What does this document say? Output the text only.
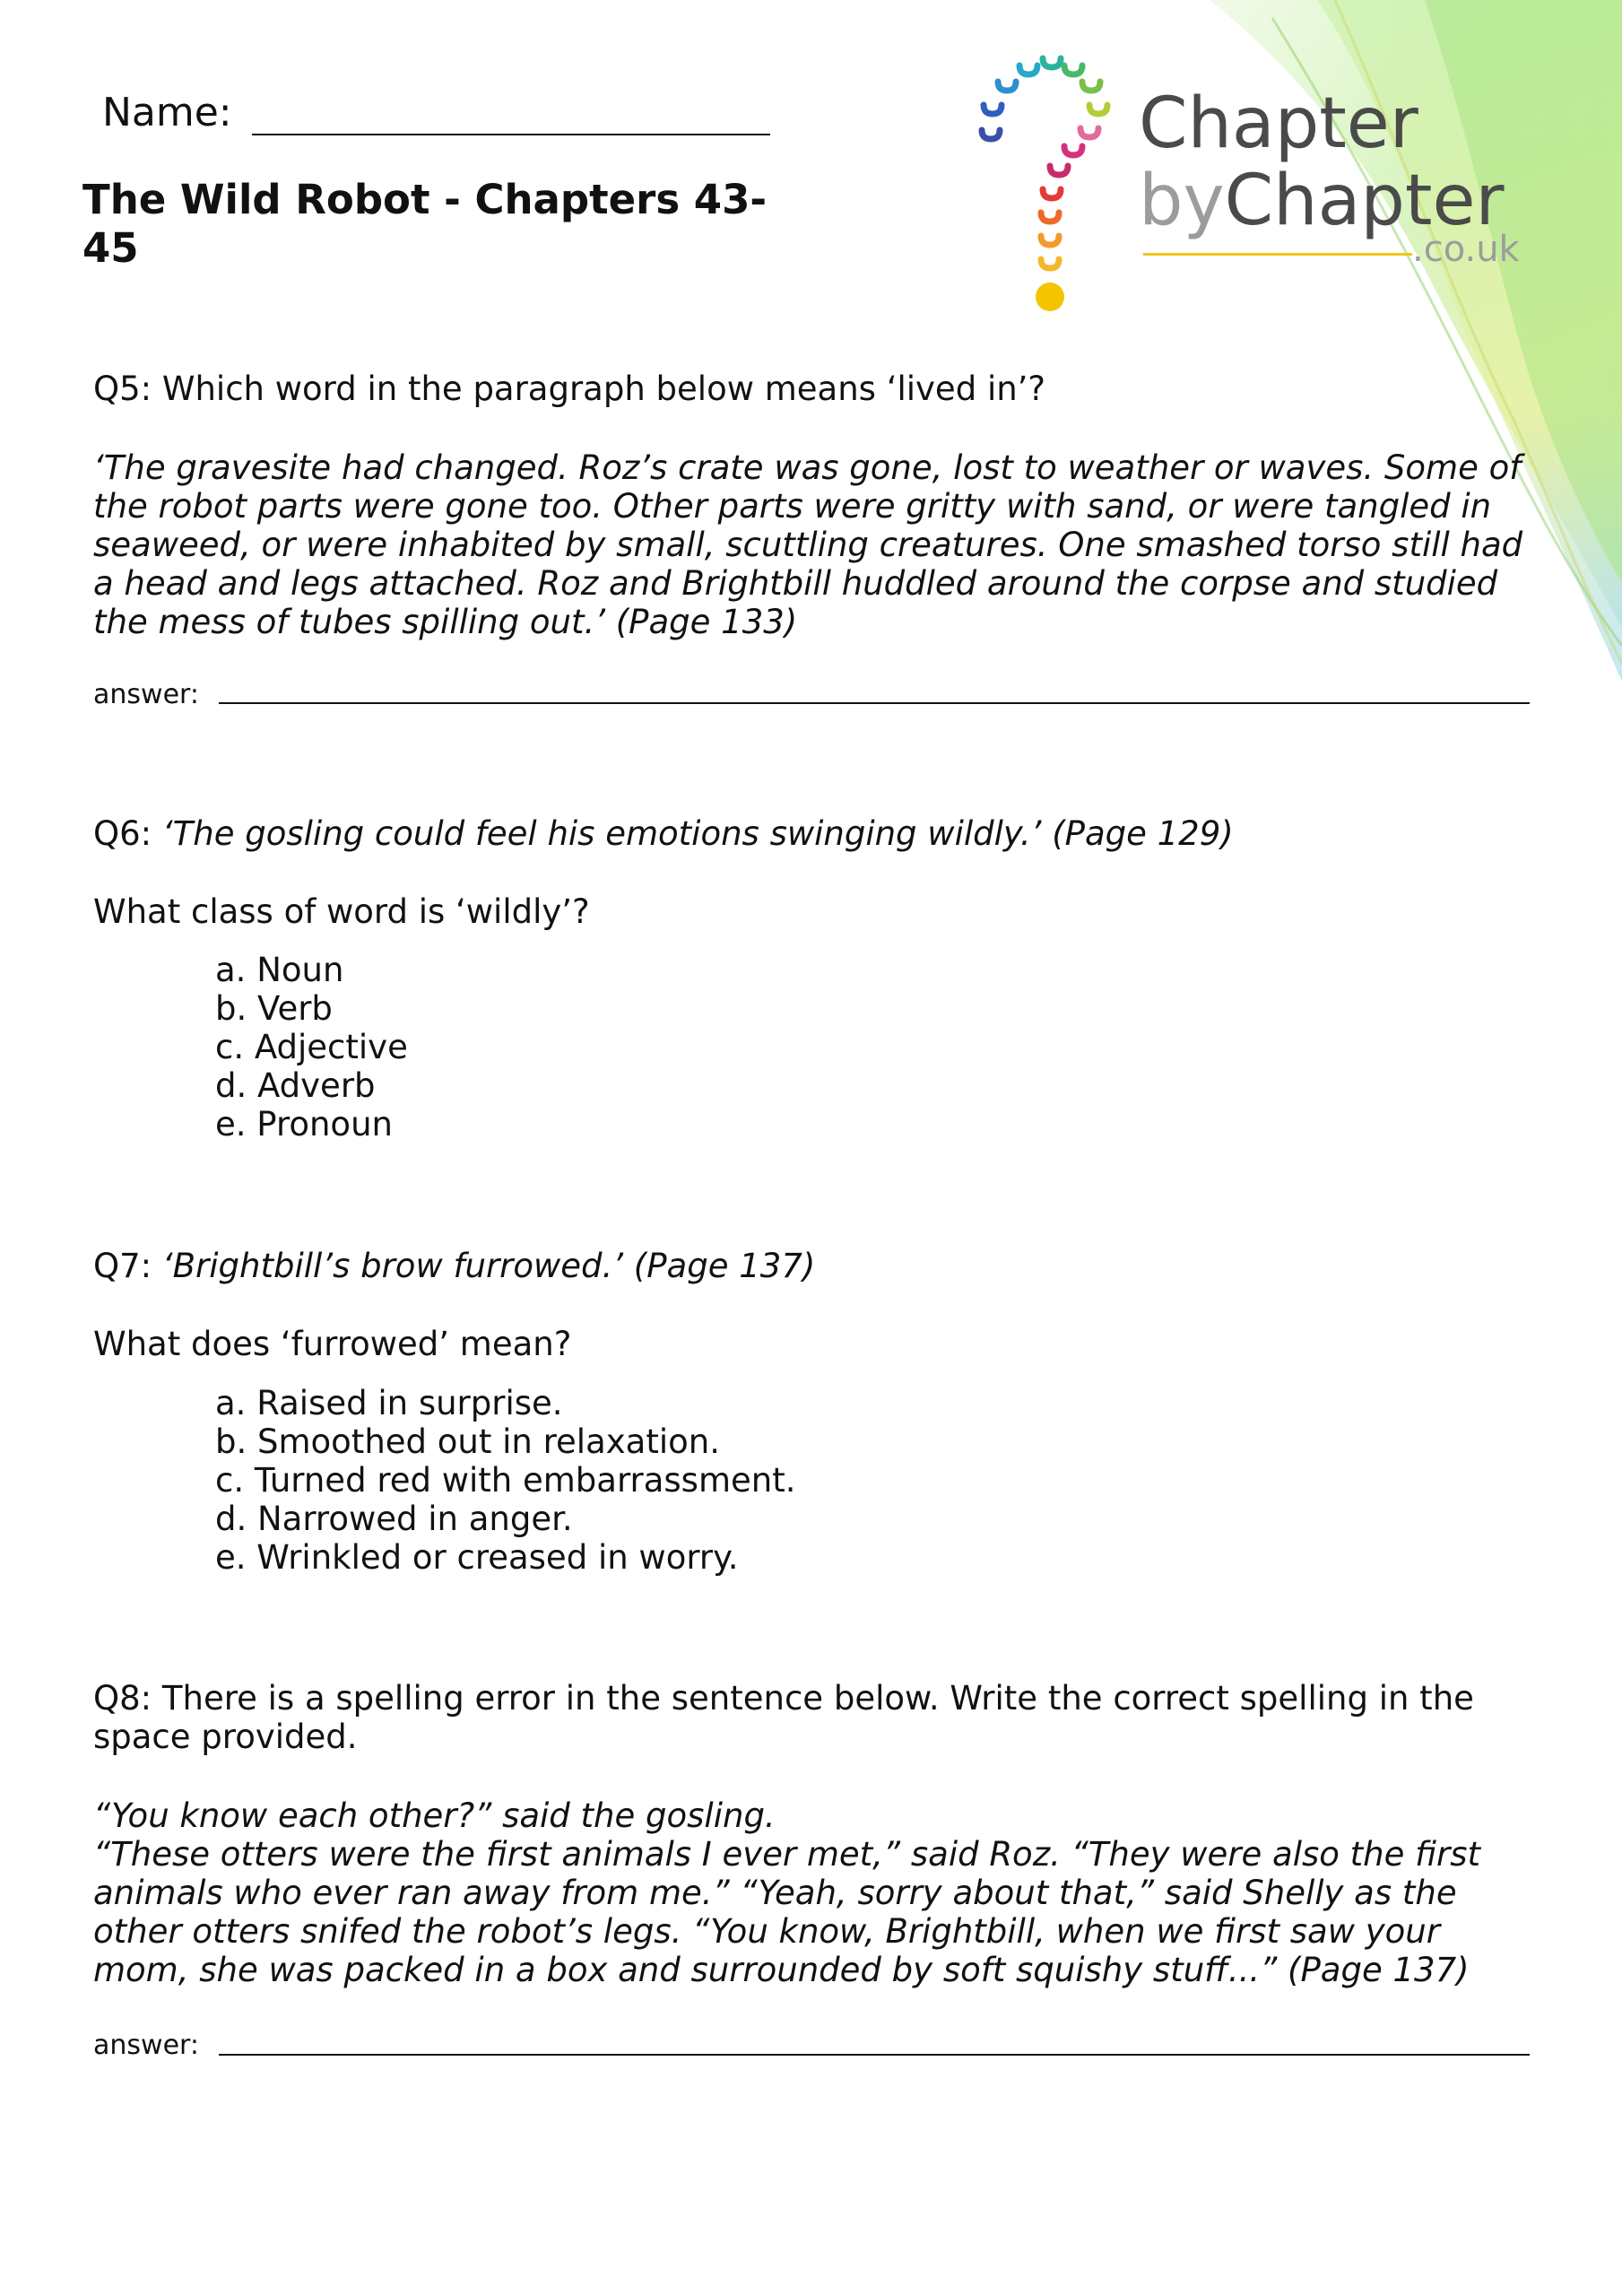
Name:
The Wild Robot - Chapters 43-45
Chapter
byChapter
.co.uk
Q5: Which word in the paragraph below means ‘lived in’?
‘The gravesite had changed. Roz’s crate was gone, lost to weather or waves. Some of the robot parts were gone too. Other parts were gritty with sand, or were tangled in seaweed, or were inhabited by small, scuttling creatures. One smashed torso still had a head and legs attached. Roz and Brightbill huddled around the corpse and studied the mess of tubes spilling out.’ (Page 133)
answer:
Q6: ‘The gosling could feel his emotions swinging wildly.’ (Page 129)
What class of word is ‘wildly’?
a. Noun
b. Verb
c. Adjective
d. Adverb
e. Pronoun
Q7: ‘Brightbill’s brow furrowed.’ (Page 137)
What does ‘furrowed’ mean?
a. Raised in surprise.
b. Smoothed out in relaxation.
c. Turned red with embarrassment.
d. Narrowed in anger.
e. Wrinkled or creased in worry.
Q8: There is a spelling error in the sentence below. Write the correct spelling in the space provided.
“You know each other?” said the gosling.
“These otters were the first animals I ever met,” said Roz. “They were also the first animals who ever ran away from me.” “Yeah, sorry about that,” said Shelly as the other otters snifed the robot’s legs. “You know, Brightbill, when we first saw your mom, she was packed in a box and surrounded by soft squishy stuff...” (Page 137)
answer:
